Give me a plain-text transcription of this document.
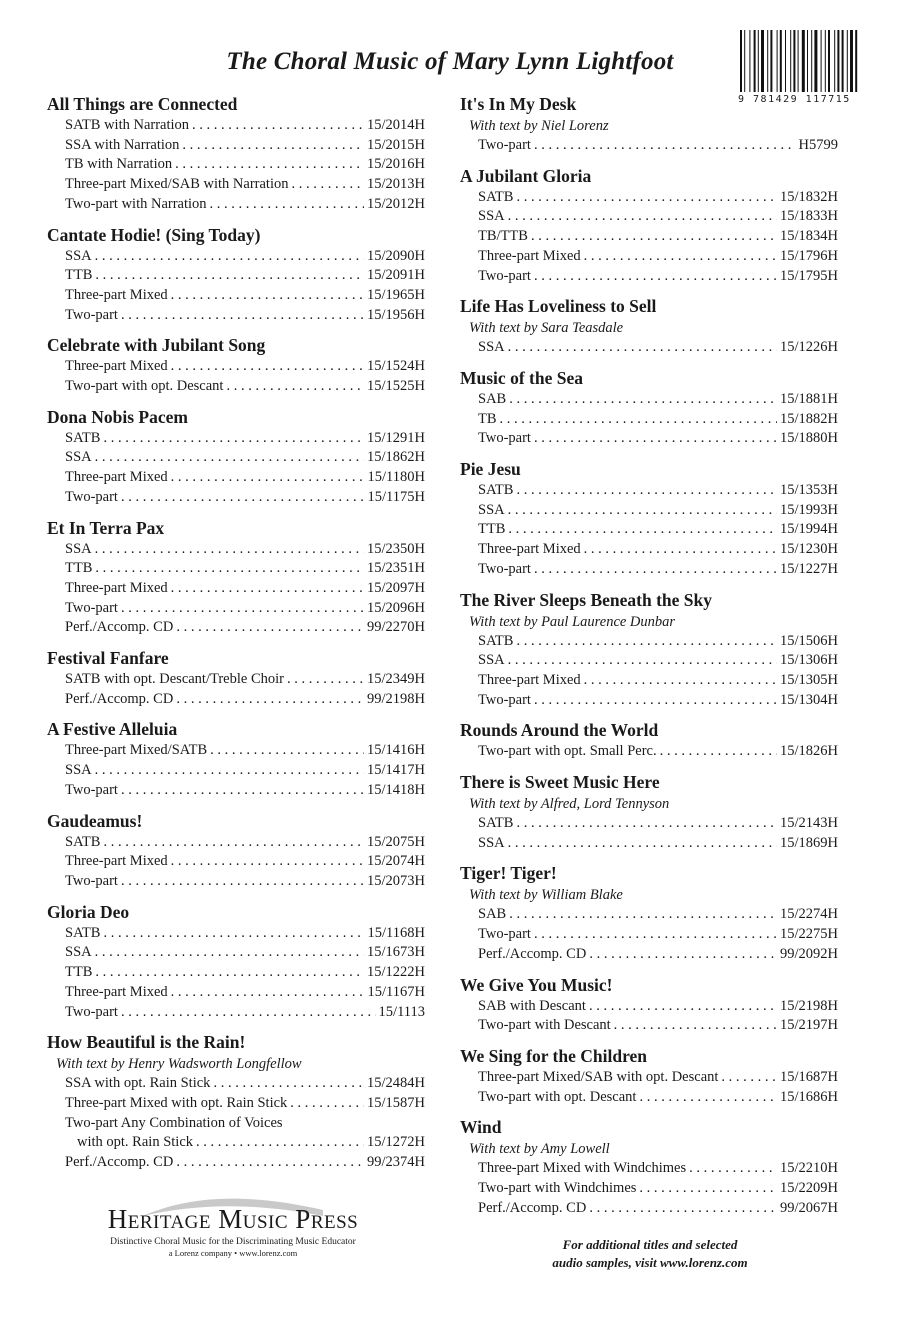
The Choral Music of Mary Lynn Lightfoot
9 781429 117715
All Things are Connected
SATB with Narration . . .	15/2014H
SSA with Narration . . .	15/2015H
TB with Narration . . .	15/2016H
Three-part Mixed/SAB with Narration . . .	15/2013H
Two-part with Narration . . .	15/2012H
Cantate Hodie! (Sing Today)
SSA . . .	15/2090H
TTB . . .	15/2091H
Three-part Mixed . . .	15/1965H
Two-part . . .	15/1956H
Celebrate with Jubilant Song
Three-part Mixed . . .	15/1524H
Two-part with opt. Descant . . .	15/1525H
Dona Nobis Pacem
SATB . . .	15/1291H
SSA . . .	15/1862H
Three-part Mixed . . .	15/1180H
Two-part . . .	15/1175H
Et In Terra Pax
SSA . . .	15/2350H
TTB . . .	15/2351H
Three-part Mixed . . .	15/2097H
Two-part . . .	15/2096H
Perf./Accomp. CD . . .	99/2270H
Festival Fanfare
SATB with opt. Descant/Treble Choir . . .	15/2349H
Perf./Accomp. CD . . .	99/2198H
A Festive Alleluia
Three-part Mixed/SATB . . .	15/1416H
SSA . . .	15/1417H
Two-part . . .	15/1418H
Gaudeamus!
SATB . . .	15/2075H
Three-part Mixed . . .	15/2074H
Two-part . . .	15/2073H
Gloria Deo
SATB . . .	15/1168H
SSA . . .	15/1673H
TTB . . .	15/1222H
Three-part Mixed . . .	15/1167H
Two-part . . .	15/1113
How Beautiful is the Rain!
With text by Henry Wadsworth Longfellow
SSA with opt. Rain Stick . . .	15/2484H
Three-part Mixed with opt. Rain Stick . . .	15/1587H
Two-part Any Combination of Voices
with opt. Rain Stick . . .	15/1272H
Perf./Accomp. CD . . .	99/2374H
It's In My Desk
With text by Niel Lorenz
Two-part . . .	H5799
A Jubilant Gloria
SATB . . .	15/1832H
SSA . . .	15/1833H
TB/TTB . . .	15/1834H
Three-part Mixed . . .	15/1796H
Two-part . . .	15/1795H
Life Has Loveliness to Sell
With text by Sara Teasdale
SSA . . .	15/1226H
Music of the Sea
SAB . . .	15/1881H
TB . . .	15/1882H
Two-part . . .	15/1880H
Pie Jesu
SATB . . .	15/1353H
SSA . . .	15/1993H
TTB . . .	15/1994H
Three-part Mixed . . .	15/1230H
Two-part . . .	15/1227H
The River Sleeps Beneath the Sky
With text by Paul Laurence Dunbar
SATB . . .	15/1506H
SSA . . .	15/1306H
Three-part Mixed . . .	15/1305H
Two-part . . .	15/1304H
Rounds Around the World
Two-part with opt. Small Perc. . . .	15/1826H
There is Sweet Music Here
With text by Alfred, Lord Tennyson
SATB . . .	15/2143H
SSA . . .	15/1869H
Tiger! Tiger!
With text by William Blake
SAB . . .	15/2274H
Two-part . . .	15/2275H
Perf./Accomp. CD . . .	99/2092H
We Give You Music!
SAB with Descant . . .	15/2198H
Two-part with Descant . . .	15/2197H
We Sing for the Children
Three-part Mixed/SAB with opt. Descant . . .	15/1687H
Two-part with opt. Descant . . .	15/1686H
Wind
With text by Amy Lowell
Three-part Mixed with Windchimes . . .	15/2210H
Two-part with Windchimes . . .	15/2209H
Perf./Accomp. CD . . .	99/2067H
Heritage Music Press
Distinctive Choral Music for the Discriminating Music Educator
a Lorenz company • www.lorenz.com
For additional titles and selected
audio samples, visit www.lorenz.com
